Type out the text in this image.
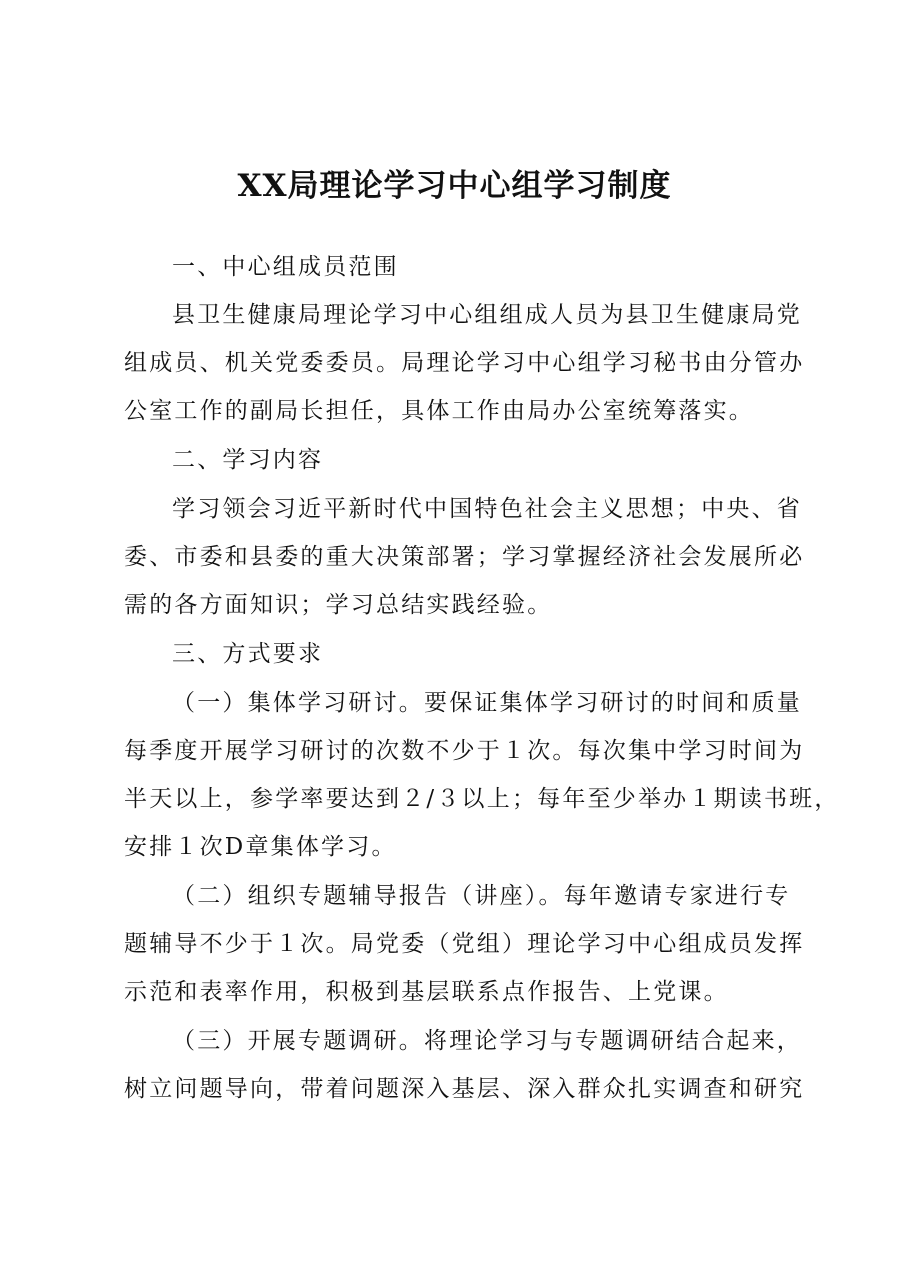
XX局理论学习中心组学习制度
一、中心组成员范围
县卫生健康局理论学习中心组组成人员为县卫生健康局党
组成员、机关党委委员。局理论学习中心组学习秘书由分管办
公室工作的副局长担任，具体工作由局办公室统筹落实。
二、学习内容
学习领会习近平新时代中国特色社会主义思想；中央、省
委、市委和县委的重大决策部署；学习掌握经济社会发展所必
需的各方面知识；学习总结实践经验。
三、方式要求
（一）集体学习研讨。要保证集体学习研讨的时间和质量
每季度开展学习研讨的次数不少于１次。每次集中学习时间为
半天以上，参学率要达到２/３以上；每年至少举办１期读书班，
安排１次D章集体学习。
（二）组织专题辅导报告（讲座）。每年邀请专家进行专
题辅导不少于１次。局党委（党组）理论学习中心组成员发挥
示范和表率作用，积极到基层联系点作报告、上党课。
（三）开展专题调研。将理论学习与专题调研结合起来，
树立问题导向，带着问题深入基层、深入群众扎实调查和研究
